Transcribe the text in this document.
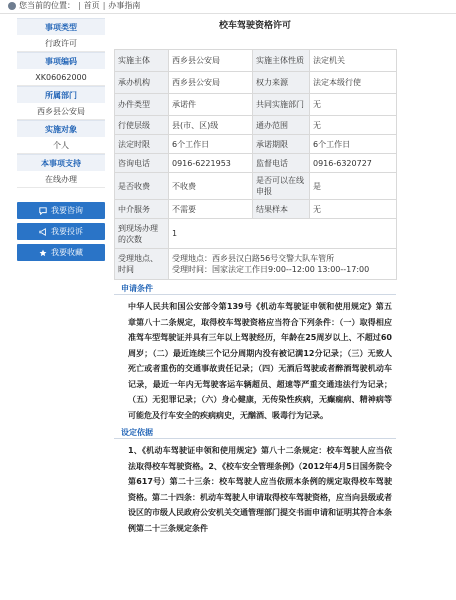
您当前的位置： | 首页 | 办事指南
事项类型
行政许可
事项编码
XK06062000
所属部门
西乡县公安局
实施对象
个人
本事项支持
在线办理
我要咨询
我要投诉
我要收藏
校车驾驶资格许可
实施主体	西乡县公安局	实施主体性质	法定机关
承办机构	西乡县公安局	权力来源	法定本级行使
办件类型	承诺件	共同实施部门	无
行使层级	县(市、区)级	通办范围	无
法定时限	6个工作日	承诺期限	6个工作日
咨询电话	0916-6221953	监督电话	0916-6320727
是否收费	不收费	是否可以在线申报	是
中介服务	不需要	结果样本	无
到现场办理的次数	1		
受理地点、时间	受理地点：西乡县汉白路56号交警大队车管所
受理时间：国家法定工作日9:00--12:00 13:00--17:00		
申请条件
中华人民共和国公安部令第139号《机动车驾驶证申领和使用规定》第五章第八十二条规定，取得校车驾驶资格应当符合下列条件：（一）取得相应准驾车型驾驶证并具有三年以上驾驶经历，年龄在25周岁以上、不超过60周岁；（二）最近连续三个记分周期内没有被记满12分记录；（三）无致人死亡或者重伤的交通事故责任记录；（四）无酒后驾驶或者醉酒驾驶机动车记录，最近一年内无驾驶客运车辆超员、超速等严重交通违法行为记录；（五）无犯罪记录；（六）身心健康，无传染性疾病，无癫痫病、精神病等可能危及行车安全的疾病病史，无酗酒、吸毒行为记录。
设定依据
1、《机动车驾驶证申领和使用规定》第八十二条规定：校车驾驶人应当依法取得校车驾驶资格。2、《校车安全管理条例》（2012年4月5日国务院令第617号）第二十三条：校车驾驶人应当依照本条例的规定取得校车驾驶资格。第二十四条：机动车驾驶人申请取得校车驾驶资格，应当向县级或者设区的市级人民政府公安机关交通管理部门提交书面申请和证明其符合本条例第二十三条规定条件
